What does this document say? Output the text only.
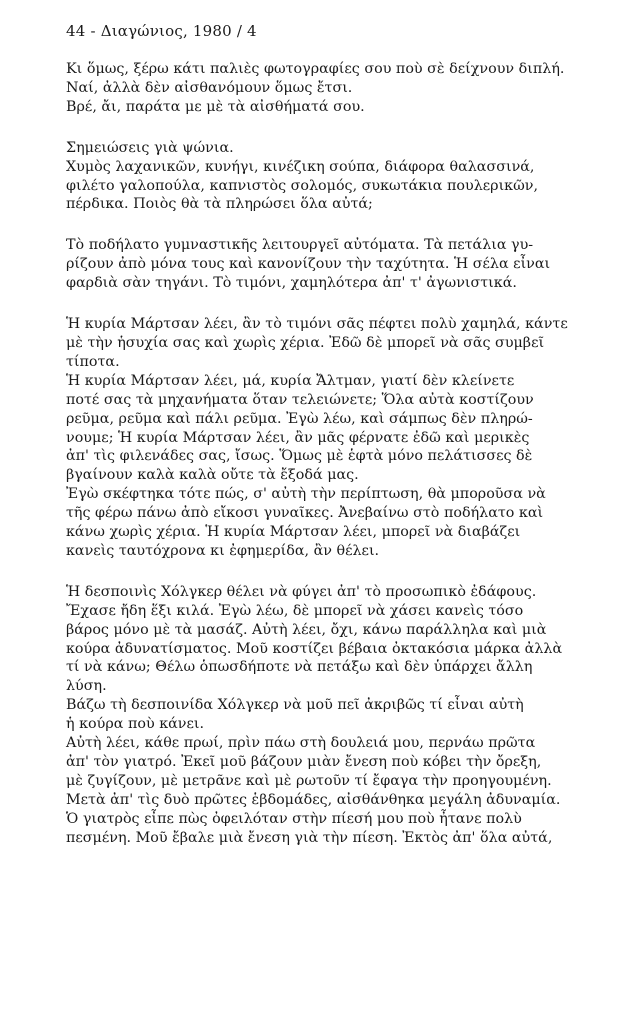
44 - Διαγώνιος, 1980 / 4
Κι ὅμως, ξέρω κάτι παλιὲς φωτογραφίες σου ποὺ σὲ δείχνουν διπλή.
Ναί, ἀλλὰ δὲν αἰσθανόμουν ὅμως ἔτσι.
Βρέ, ἄι, παράτα με μὲ τὰ αἰσθήματά σου.
Σημειώσεις γιὰ ψώνια.
Χυμὸς λαχανικῶν, κυνήγι, κινέζικη σούπα, διάφορα θαλασσινά,
φιλέτο γαλοπούλα, καπνιστὸς σολομός, συκωτάκια πουλερικῶν,
πέρδικα. Ποιὸς θὰ τὰ πληρώσει ὅλα αὐτά;
Τὸ ποδήλατο γυμναστικῆς λειτουργεῖ αὐτόματα. Τὰ πετάλια γυ-
ρίζουν ἀπὸ μόνα τους καὶ κανονίζουν τὴν ταχύτητα. Ἡ σέλα εἶναι
φαρδιὰ σὰν τηγάνι. Τὸ τιμόνι, χαμηλότερα ἀπ' τ' ἀγωνιστικά.
Ἡ κυρία Μάρτσαν λέει, ἂν τὸ τιμόνι σᾶς πέφτει πολὺ χαμηλά, κάντε
μὲ τὴν ἡσυχία σας καὶ χωρὶς χέρια. Ἐδῶ δὲ μπορεῖ νὰ σᾶς συμβεῖ
τίποτα.
Ἡ κυρία Μάρτσαν λέει, μά, κυρία Ἄλτμαν, γιατί δὲν κλείνετε
ποτέ σας τὰ μηχανήματα ὅταν τελειώνετε; Ὅλα αὐτὰ κοστίζουν
ρεῦμα, ρεῦμα καὶ πάλι ρεῦμα. Ἐγὼ λέω, καὶ σάμπως δὲν πληρώ-
νουμε; Ἡ κυρία Μάρτσαν λέει, ἂν μᾶς φέρνατε ἐδῶ καὶ μερικὲς
ἀπ' τὶς φιλενάδες σας, ἴσως. Ὅμως μὲ ἑφτὰ μόνο πελάτισσες δὲ
βγαίνουν καλὰ καλὰ οὔτε τὰ ἔξοδά μας.
Ἐγὼ σκέφτηκα τότε πώς, σ' αὐτὴ τὴν περίπτωση, θὰ μποροῦσα νὰ
τῆς φέρω πάνω ἀπὸ εἴκοσι γυναῖκες. Ἀνεβαίνω στὸ ποδήλατο καὶ
κάνω χωρὶς χέρια. Ἡ κυρία Μάρτσαν λέει, μπορεῖ νὰ διαβάζει
κανεὶς ταυτόχρονα κι ἐφημερίδα, ἂν θέλει.
Ἡ δεσποινὶς Χόλγκερ θέλει νὰ φύγει ἀπ' τὸ προσωπικὸ ἐδάφους.
Ἔχασε ἤδη ἕξι κιλά. Ἐγὼ λέω, δὲ μπορεῖ νὰ χάσει κανεὶς τόσο
βάρος μόνο μὲ τὰ μασάζ. Αὐτὴ λέει, ὄχι, κάνω παράλληλα καὶ μιὰ
κούρα ἀδυνατίσματος. Μοῦ κοστίζει βέβαια ὀκτακόσια μάρκα ἀλλὰ
τί νὰ κάνω; Θέλω ὁπωσδήποτε νὰ πετάξω καὶ δὲν ὑπάρχει ἄλλη
λύση.
Βάζω τὴ δεσποινίδα Χόλγκερ νὰ μοῦ πεῖ ἀκριβῶς τί εἶναι αὐτὴ
ἡ κούρα ποὺ κάνει.
Αὐτὴ λέει, κάθε πρωί, πρὶν πάω στὴ δουλειά μου, περνάω πρῶτα
ἀπ' τὸν γιατρό. Ἐκεῖ μοῦ βάζουν μιὰν ἔνεση ποὺ κόβει τὴν ὄρεξη,
μὲ ζυγίζουν, μὲ μετρᾶνε καὶ μὲ ρωτοῦν τί ἔφαγα τὴν προηγουμένη.
Μετὰ ἀπ' τὶς δυὸ πρῶτες ἑβδομάδες, αἰσθάνθηκα μεγάλη ἀδυναμία.
Ὁ γιατρὸς εἶπε πὼς ὀφειλόταν στὴν πίεσή μου ποὺ ἦτανε πολὺ
πεσμένη. Μοῦ ἔβαλε μιὰ ἔνεση γιὰ τὴν πίεση. Ἐκτὸς ἀπ' ὅλα αὐτά,
